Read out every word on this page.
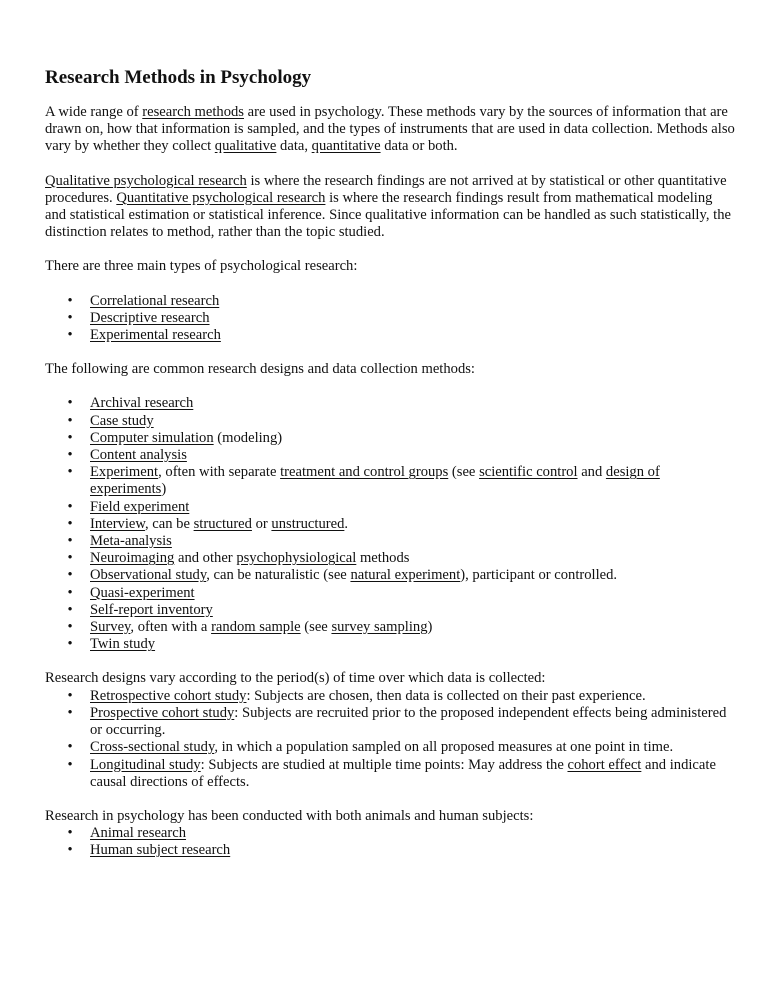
Research Methods in Psychology

A wide range of research methods are used in psychology. These methods vary by the sources of information that are drawn on, how that information is sampled, and the types of instruments that are used in data collection. Methods also vary by whether they collect qualitative data, quantitative data or both.

Qualitative psychological research is where the research findings are not arrived at by statistical or other quantitative procedures. Quantitative psychological research is where the research findings result from mathematical modeling and statistical estimation or statistical inference. Since qualitative information can be handled as such statistically, the distinction relates to method, rather than the topic studied.

There are three main types of psychological research:

• Correlational research
• Descriptive research
• Experimental research

The following are common research designs and data collection methods:

• Archival research
• Case study
• Computer simulation (modeling)
• Content analysis
• Experiment, often with separate treatment and control groups (see scientific control and design of experiments)
• Field experiment
• Interview, can be structured or unstructured.
• Meta-analysis
• Neuroimaging and other psychophysiological methods
• Observational study, can be naturalistic (see natural experiment), participant or controlled.
• Quasi-experiment
• Self-report inventory
• Survey, often with a random sample (see survey sampling)
• Twin study

Research designs vary according to the period(s) of time over which data is collected:

• Retrospective cohort study: Subjects are chosen, then data is collected on their past experience.
• Prospective cohort study: Subjects are recruited prior to the proposed independent effects being administered or occurring.
• Cross-sectional study, in which a population sampled on all proposed measures at one point in time.
• Longitudinal study: Subjects are studied at multiple time points: May address the cohort effect and indicate causal directions of effects.

Research in psychology has been conducted with both animals and human subjects:

• Animal research
• Human subject research
